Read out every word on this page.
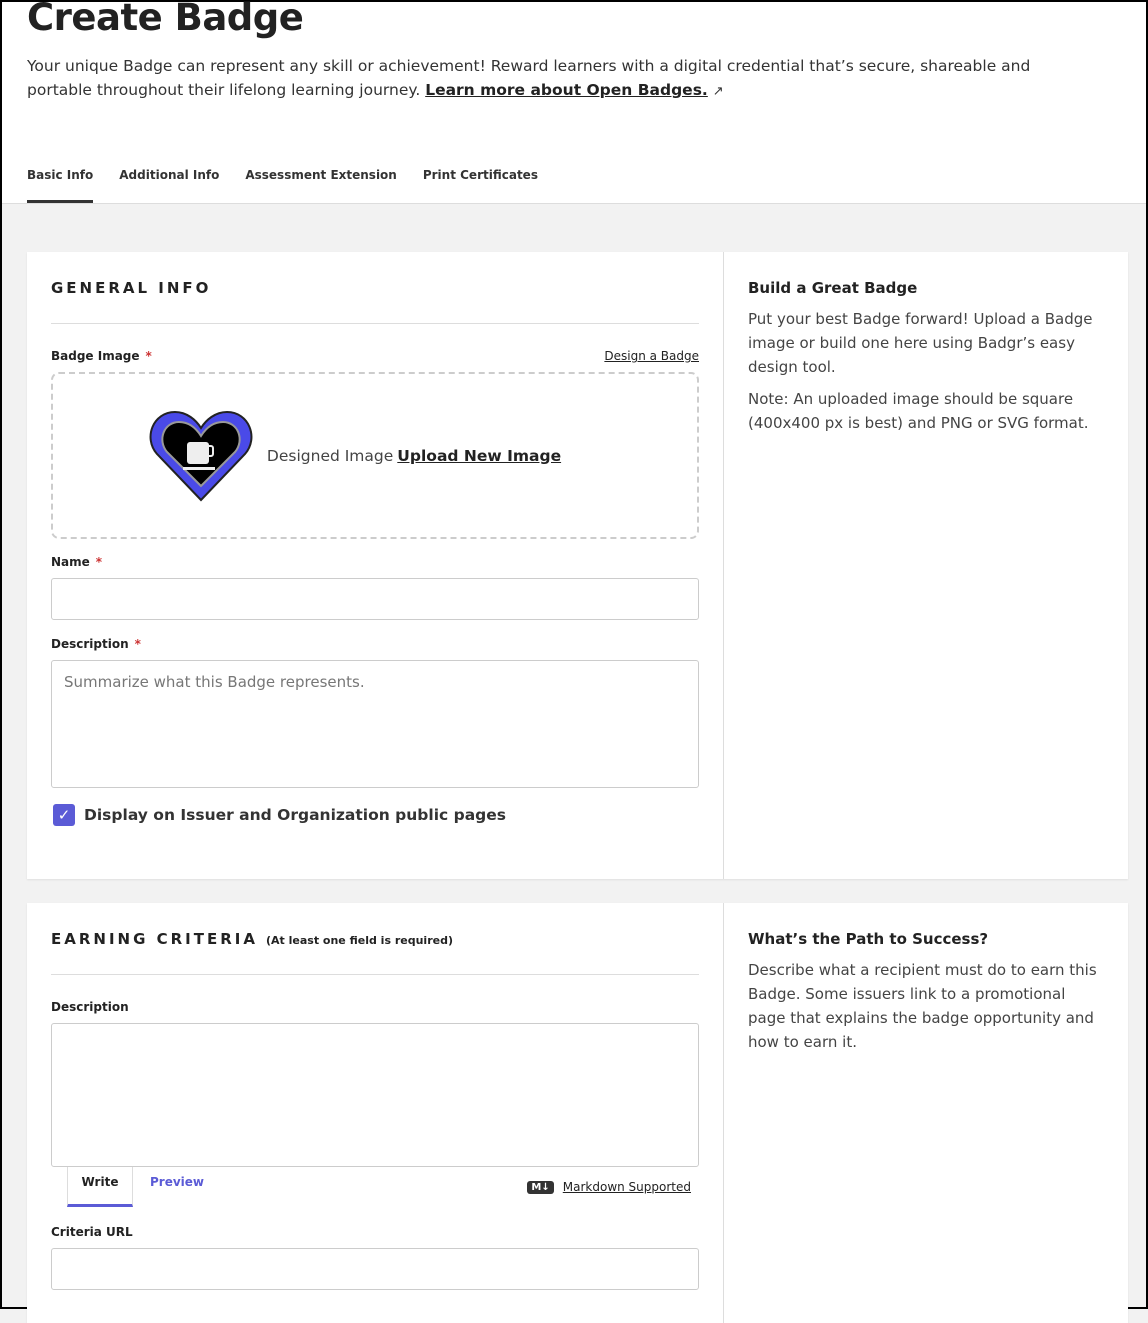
Create Badge
Your unique Badge can represent any skill or achievement! Reward learners with a digital credential that’s secure, shareable and portable throughout their lifelong learning journey. Learn more about Open Badges. ↗
Basic Info Additional Info Assessment Extension Print Certificates
GENERAL INFO
Badge Image *	Design a Badge
Designed Image Upload New Image
Name *
Description *
Summarize what this Badge represents.
✓ Display on Issuer and Organization public pages
Build a Great Badge

Put your best Badge forward! Upload a Badge image or build one here using Badgr’s easy design tool.

Note: An uploaded image should be square (400x400 px is best) and PNG or SVG format.

EARNING CRITERIA (At least one field is required)
Description
Write	Preview	M↓	Markdown Supported
Criteria URL
What’s the Path to Success?

Describe what a recipient must do to earn this Badge. Some issuers link to a promotional page that explains the badge opportunity and how to earn it.
